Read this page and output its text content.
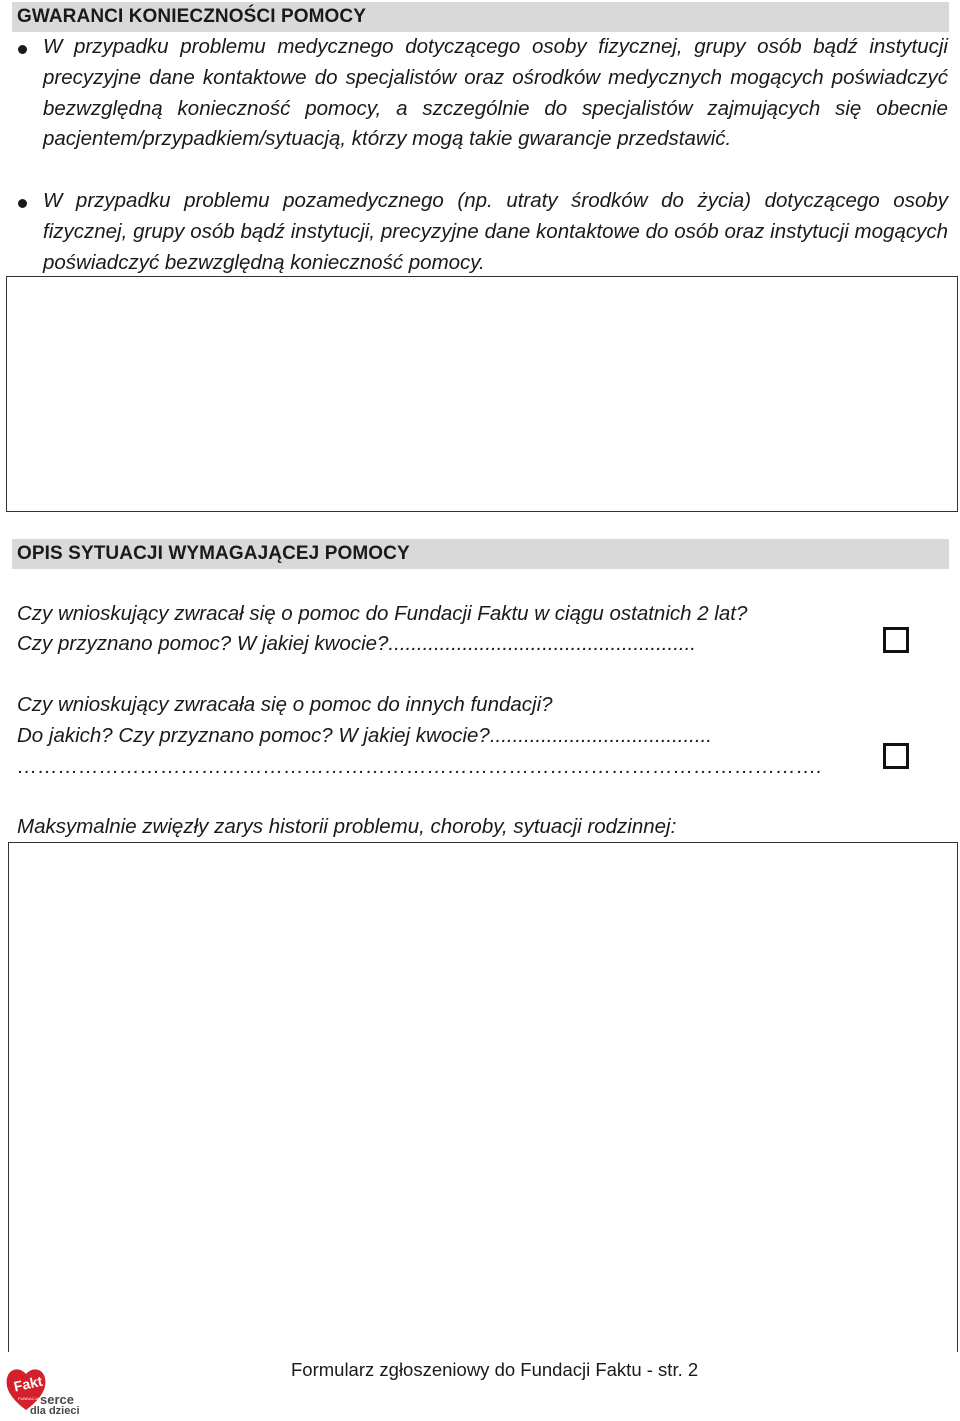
GWARANCI KONIECZNOŚCI POMOCY
W przypadku problemu medycznego dotyczącego osoby fizycznej, grupy osób bądź instytucji precyzyjne dane kontaktowe do specjalistów oraz ośrodków medycznych mogących poświadczyć bezwzględną konieczność pomocy, a szczególnie do specjalistów zajmujących się obecnie pacjentem/przypadkiem/sytuacją, którzy mogą takie gwarancje przedstawić.
W przypadku problemu pozamedycznego (np. utraty środków do życia) dotyczącego osoby fizycznej, grupy osób bądź instytucji, precyzyjne dane kontaktowe do osób oraz instytucji mogących poświadczyć bezwzględną konieczność pomocy.
OPIS SYTUACJI WYMAGAJĄCEJ POMOCY
Czy wnioskujący zwracał się o pomoc do Fundacji Faktu w ciągu ostatnich 2 lat?
Czy przyznano pomoc? W jakiej kwocie?......................................................
Czy wnioskujący zwracała się o pomoc do innych fundacji?
Do jakich? Czy przyznano pomoc? W jakiej kwocie?.......................................
……………………………………………………………………………………………………….
Maksymalnie zwięzły zarys historii problemu, choroby, sytuacji rodzinnej:
Fakt
FUNDACJA serce
dla dzieci
Formularz zgłoszeniowy do Fundacji Faktu - str. 2
